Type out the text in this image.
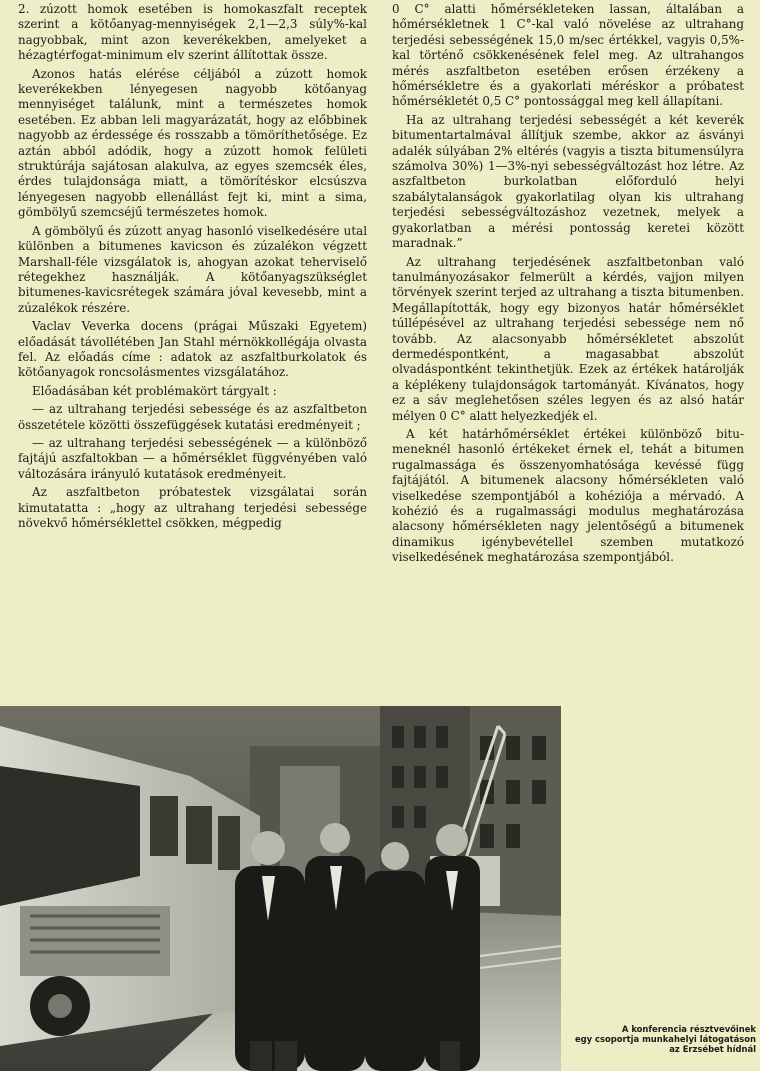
2. zúzott homok esetében is homokaszfalt receptek szerint a kötőanyag-mennyiségek 2,1—2,3 súly%-kal nagyobbak, mint azon keverékekben, amelyeket a hézagtérfogat-minimum elv szerint állítottak össze.

Azonos hatás elérése céljából a zúzott homok keverékekben lényegesen nagyobb kötőanyag mennyiséget találunk, mint a természetes homok esetében. Ez abban leli magyarázatát, hogy az előbbinek nagyobb az érdessége és rosszabb a tömöríthetősége. Ez aztán abból adódik, hogy a zúzott homok felületi struktúrája sajátosan alakulva, az egyes szemcsék éles, érdes tulajdonsága miatt, a tömörítéskor elcsúszva lényegesen nagyobb ellenállást fejt ki, mint a sima, gömbölyű szemcséjű természetes homok.

A gömbölyű és zúzott anyag hasonló viselkedésére utal különben a bitumenes kavicson és zúzalékon végzett Marshall-féle vizsgálatok is, ahogyan azokat teherviselő rétegekhez használják. A kötőanyagszükséglet bitumenes-kavicsrétegek számára jóval kevesebb, mint a zúzalékok részére.

Vaclav Veverka docens (prágai Műszaki Egyetem) előadását távollétében Jan Stahl mérnökkollégája olvasta fel. Az előadás címe : adatok az aszfaltburkolatok és kötőanyagok roncsolásmentes vizsgálatához.

Előadásában két problémakört tárgyalt :

— az ultrahang terjedési sebessége és az aszfaltbeton összetétele közötti összefüggések kutatási eredményeit ;

— az ultrahang terjedési sebességének — a különböző fajtájú aszfaltokban — a hőmérséklet függvényében való változására irányuló kutatások eredményeit.

Az aszfaltbeton próbatestek vizsgálatai során kimutatatta : „hogy az ultrahang terjedési sebessége növekvő hőmérséklettel csökken, mégpedig

0 C° alatti hőmérsékleteken lassan, általában a hőmérsékletnek 1 C°-kal való növelése az ultrahang terjedési sebességének 15,0 m/sec értékkel, vagyis 0,5%-kal történő csökkenésének felel meg. Az ultrahangos mérés aszfaltbeton esetében erősen érzékeny a hőmérsékletre és a gyakorlati méréskor a próbatest hőmérsékletét 0,5 C° pontossággal meg kell állapítani.

Ha az ultrahang terjedési sebességét a két keverék bitumentartalmával állítjuk szembe, akkor az ásványi adalék súlyában 2% eltérés (vagyis a tiszta bitumensúlyra számolva 30%) 1—3%-nyi sebességváltozást hoz létre. Az aszfaltbeton burkolatban előforduló helyi szabálytalanságok gyakorlatilag olyan kis ultrahang terjedési sebességváltozáshoz vezetnek, melyek a gyakorlatban a mérési pontosság keretei között maradnak.”

Az ultrahang terjedésének aszfaltbetonban való tanulmányozásakor felmerült a kérdés, vajjon milyen törvények szerint terjed az ultrahang a tiszta bitumenben. Megállapították, hogy egy bizonyos határ hőmérséklet túllépésével az ultrahang terjedési sebessége nem nő tovább. Az alacsonyabb hőmérsékletet abszolút dermedéspontként, a magasabbat abszolút olvadáspontként tekinthetjük. Ezek az értékek határolják a képlékeny tulajdonságok tartományát. Kívánatos, hogy ez a sáv meglehetősen széles legyen és az alsó határ mélyen 0 C° alatt helyezkedjék el.

A két határhőmérséklet értékei különböző bitumeneknél hasonló értékeket érnek el, tehát a bitumen rugalmassága és összenyomhatósága kevéssé függ fajtájától. A bitumenek alacsony hőmérsékleten való viselkedése szempontjából a kohéziója a mérvadó. A kohézió és a rugalmassági modulus meghatározása alacsony hőmérsékleten nagy jelentőségű a bitumenek dinamikus igénybevétellel szemben mutatkozó viselkedésének meghatározása szempontjából.

A konferencia résztvevőinek
egy csoportja munkahelyi látogatáson
az Erzsébet hídnál
